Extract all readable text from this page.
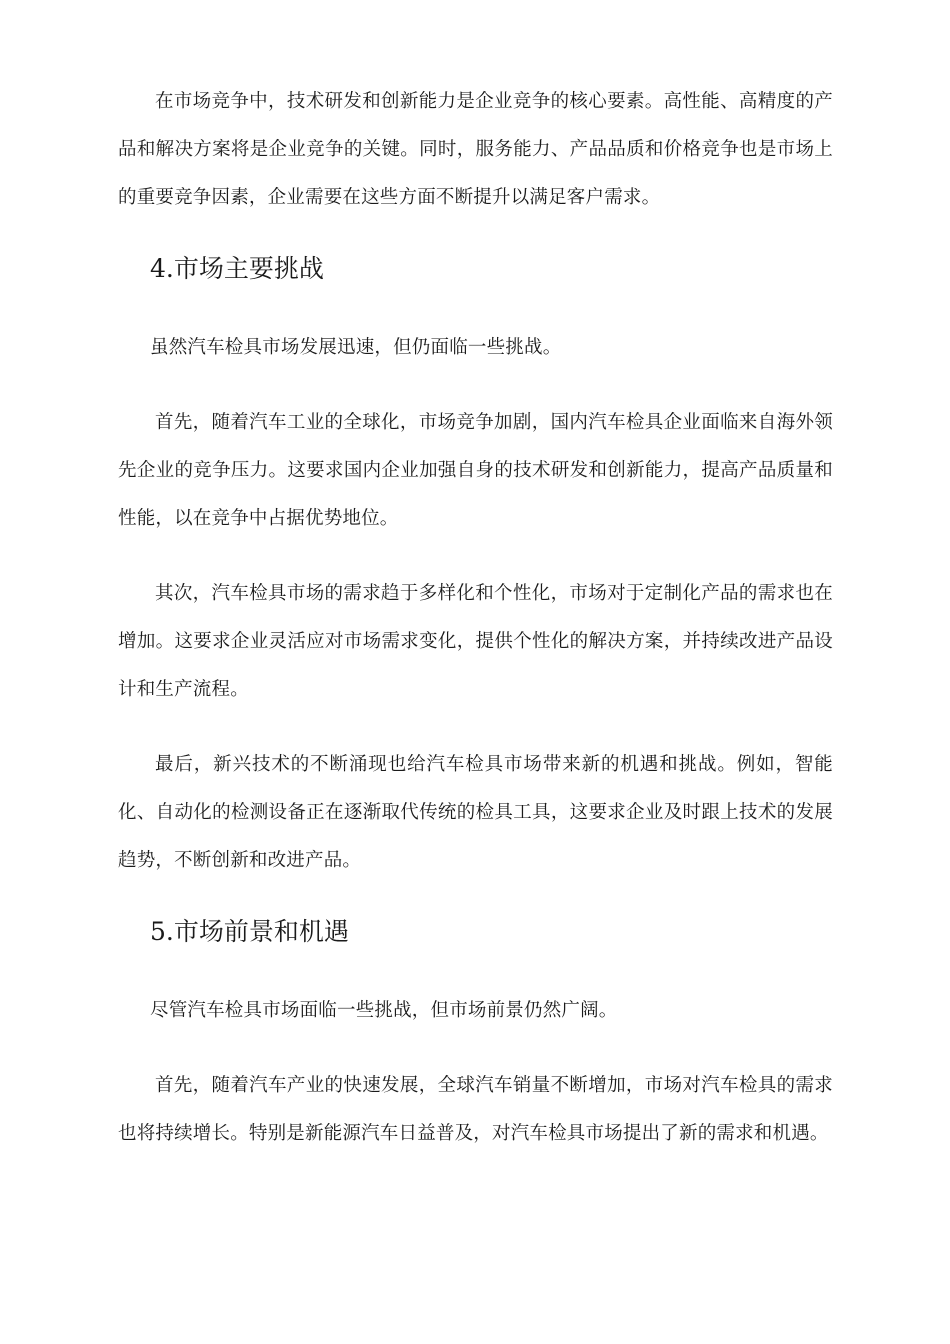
在市场竞争中，技术研发和创新能力是企业竞争的核心要素。高性能、高精度的产品和解决方案将是企业竞争的关键。同时，服务能力、产品品质和价格竞争也是市场上的重要竞争因素，企业需要在这些方面不断提升以满足客户需求。

4.市场主要挑战

虽然汽车检具市场发展迅速，但仍面临一些挑战。

首先，随着汽车工业的全球化，市场竞争加剧，国内汽车检具企业面临来自海外领先企业的竞争压力。这要求国内企业加强自身的技术研发和创新能力，提高产品质量和性能，以在竞争中占据优势地位。

其次，汽车检具市场的需求趋于多样化和个性化，市场对于定制化产品的需求也在增加。这要求企业灵活应对市场需求变化，提供个性化的解决方案，并持续改进产品设计和生产流程。

最后，新兴技术的不断涌现也给汽车检具市场带来新的机遇和挑战。例如，智能化、自动化的检测设备正在逐渐取代传统的检具工具，这要求企业及时跟上技术的发展趋势，不断创新和改进产品。

5.市场前景和机遇

尽管汽车检具市场面临一些挑战，但市场前景仍然广阔。

首先，随着汽车产业的快速发展，全球汽车销量不断增加，市场对汽车检具的需求也将持续增长。特别是新能源汽车日益普及，对汽车检具市场提出了新的需求和机遇。
